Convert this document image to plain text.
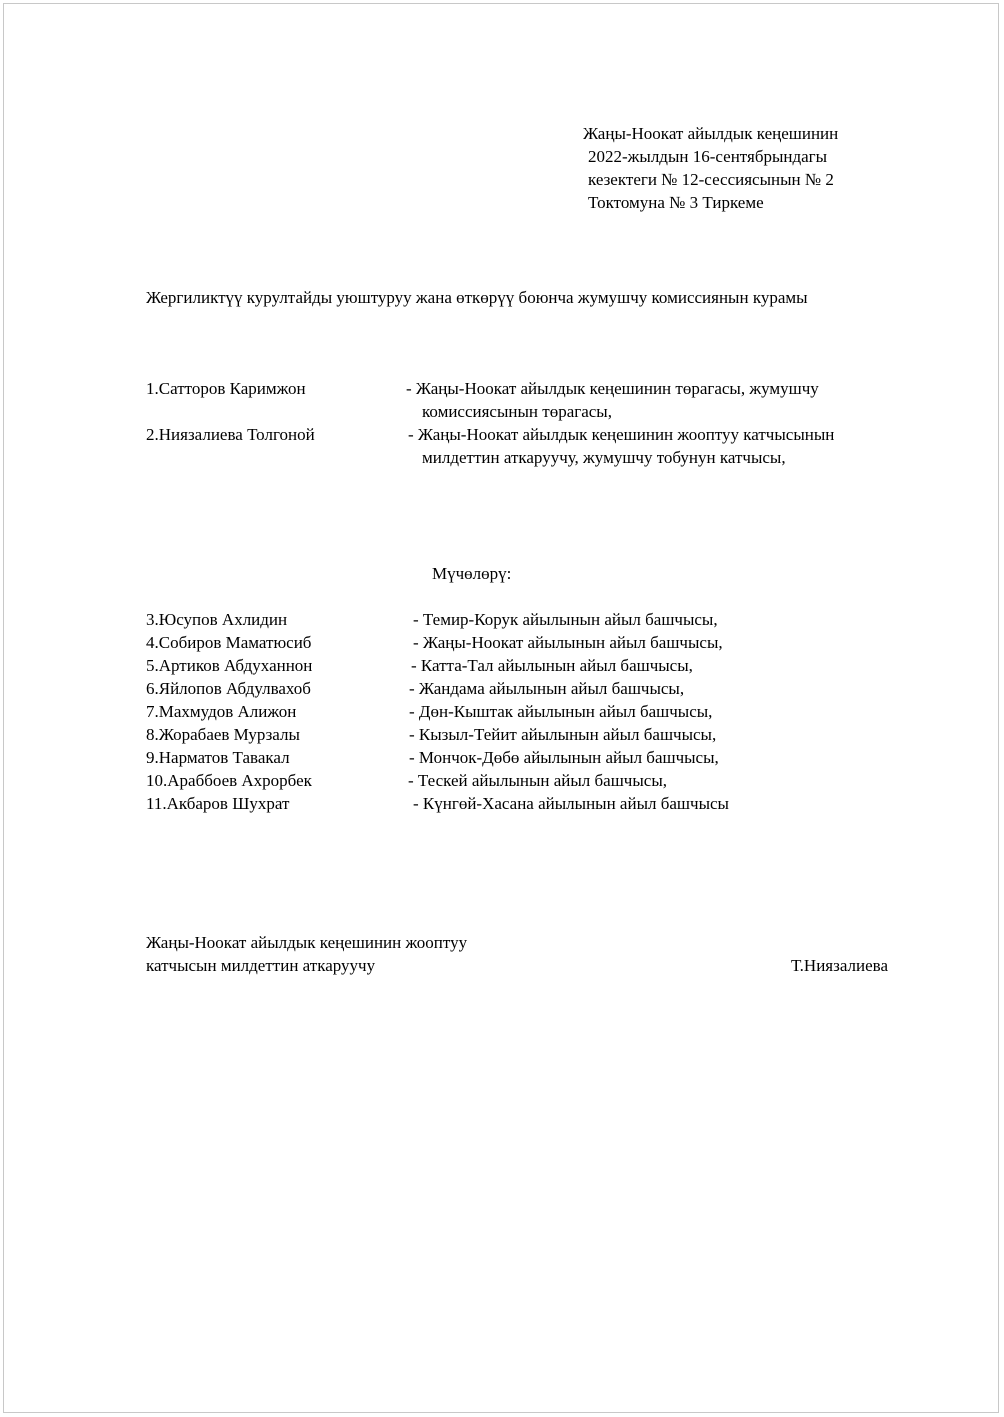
Жаңы-Ноокат айылдык кеңешинин
2022-жылдын 16-сентябрындагы
кезектеги № 12-сессиясынын № 2
Токтомуна № 3 Тиркеме
Жергиликтүү курултайды уюштуруу жана өткөрүү боюнча жумушчу комиссиянын курамы
1.Сатторов Каримжон	- Жаңы-Ноокат айылдык кеңешинин төрагасы, жумушчу
комиссиясынын төрагасы,
2.Ниязалиева Толгоной	- Жаңы-Ноокат айылдык кеңешинин жооптуу катчысынын
милдеттин аткаруучу, жумушчу тобунун катчысы,
Мүчөлөрү:
3.Юсупов Ахлидин	- Темир-Корук айылынын айыл башчысы,
4.Собиров Маматюсиб	- Жаңы-Ноокат айылынын айыл башчысы,
5.Артиков Абдуханнон	- Катта-Тал айылынын айыл башчысы,
6.Яйлопов Абдулвахоб	- Жандама айылынын айыл башчысы,
7.Махмудов Алижон	- Дөн-Кыштак айылынын айыл башчысы,
8.Жорабаев Мурзалы	- Кызыл-Тейит айылынын айыл башчысы,
9.Нарматов Тавакал	- Мончок-Дөбө айылынын айыл башчысы,
10.Араббоев Ахрорбек	- Тескей айылынын айыл башчысы,
11.Акбаров Шухрат	- Күнгөй-Хасана айылынын айыл башчысы
Жаңы-Ноокат айылдык кеңешинин жооптуу
катчысын милдеттин аткаруучу	Т.Ниязалиева
